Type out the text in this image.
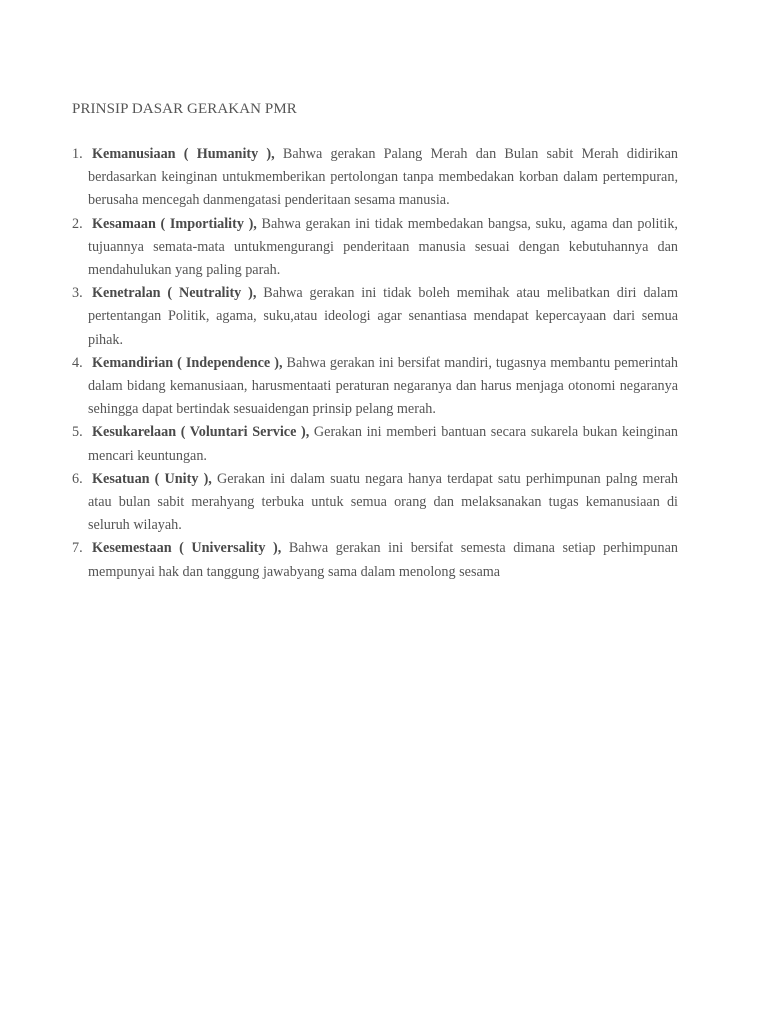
PRINSIP DASAR GERAKAN PMR
1. Kemanusiaan ( Humanity ), Bahwa gerakan Palang Merah dan Bulan sabit Merah didirikan berdasarkan keinginan untukmemberikan pertolongan tanpa membedakan korban dalam pertempuran, berusaha mencegah danmengatasi penderitaan sesama manusia.
2. Kesamaan ( Importiality ), Bahwa gerakan ini tidak membedakan bangsa, suku, agama dan politik, tujuannya semata-mata untukmengurangi penderitaan manusia sesuai dengan kebutuhannya dan mendahulukan yang paling parah.
3. Kenetralan ( Neutrality ), Bahwa gerakan ini tidak boleh memihak atau melibatkan diri dalam pertentangan Politik, agama, suku,atau ideologi agar senantiasa mendapat kepercayaan dari semua pihak.
4. Kemandirian ( Independence ), Bahwa gerakan ini bersifat mandiri, tugasnya membantu pemerintah dalam bidang kemanusiaan, harusmentaati peraturan negaranya dan harus menjaga otonomi negaranya sehingga dapat bertindak sesuaidengan prinsip pelang merah.
5. Kesukarelaan ( Voluntari Service ), Gerakan ini memberi bantuan secara sukarela bukan keinginan mencari keuntungan.
6. Kesatuan ( Unity ), Gerakan ini dalam suatu negara hanya terdapat satu perhimpunan palng merah atau bulan sabit merahyang terbuka untuk semua orang dan melaksanakan tugas kemanusiaan di seluruh wilayah.
7. Kesemestaan ( Universality ), Bahwa gerakan ini bersifat semesta dimana setiap perhimpunan mempunyai hak dan tanggung jawabyang sama dalam menolong sesama
